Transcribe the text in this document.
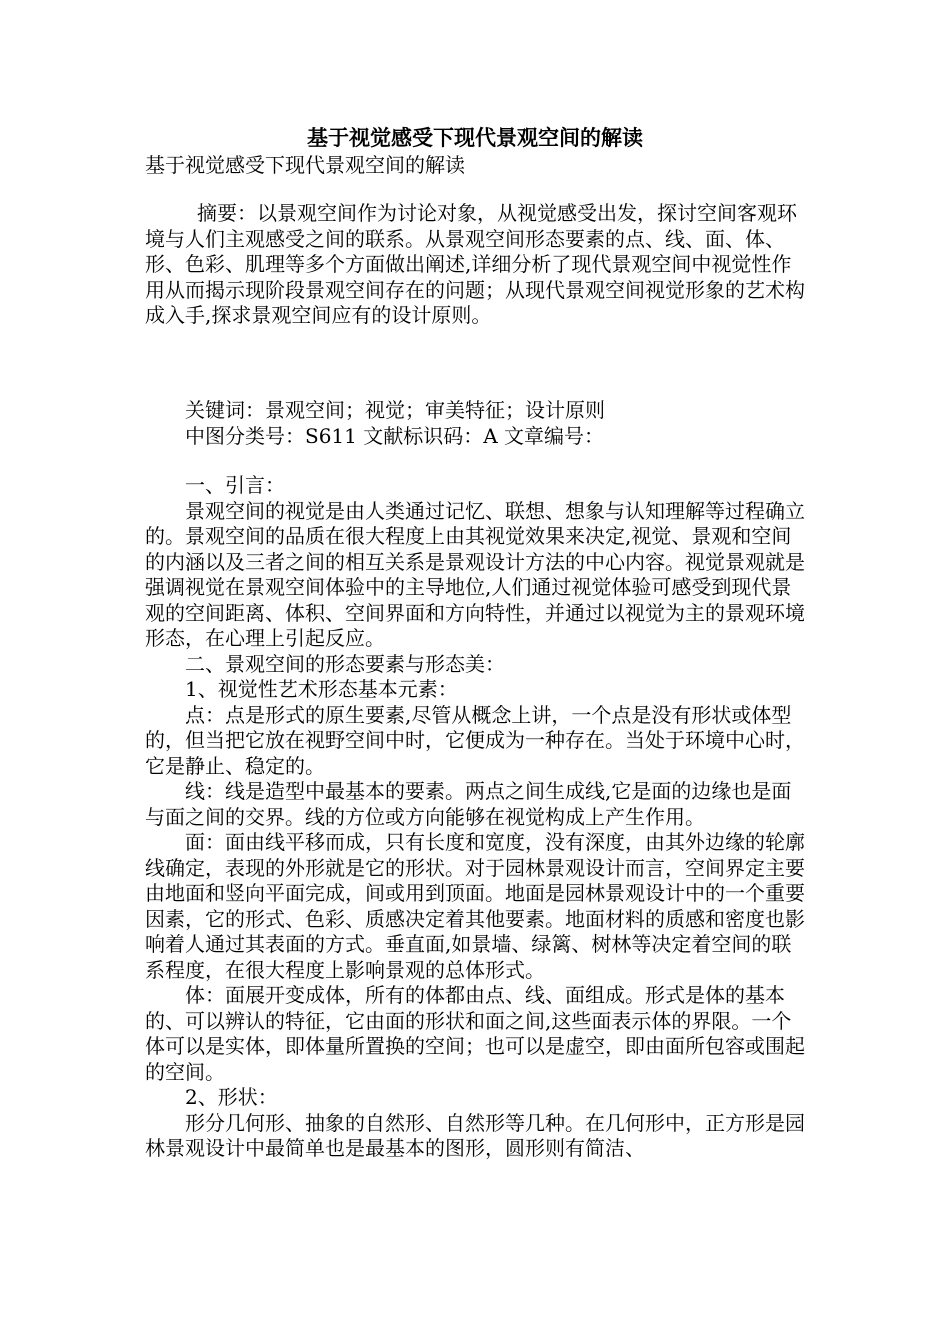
基于视觉感受下现代景观空间的解读
基于视觉感受下现代景观空间的解读

摘要：以景观空间作为讨论对象，从视觉感受出发，探讨空间客观环境与人们主观感受之间的联系。从景观空间形态要素的点、线、面、体、形、色彩、肌理等多个方面做出阐述,详细分析了现代景观空间中视觉性作用从而揭示现阶段景观空间存在的问题；从现代景观空间视觉形象的艺术构成入手,探求景观空间应有的设计原则。

关键词：景观空间；视觉；审美特征；设计原则

中图分类号：S611 文献标识码：A 文章编号：

一、引言：

景观空间的视觉是由人类通过记忆、联想、想象与认知理解等过程确立的。景观空间的品质在很大程度上由其视觉效果来决定,视觉、景观和空间的内涵以及三者之间的相互关系是景观设计方法的中心内容。视觉景观就是强调视觉在景观空间体验中的主导地位,人们通过视觉体验可感受到现代景观的空间距离、体积、空间界面和方向特性，并通过以视觉为主的景观环境形态，在心理上引起反应。

二、景观空间的形态要素与形态美：

1、视觉性艺术形态基本元素：

点：点是形式的原生要素,尽管从概念上讲，一个点是没有形状或体型的，但当把它放在视野空间中时，它便成为一种存在。当处于环境中心时， 它是静止、稳定的。

线：线是造型中最基本的要素。两点之间生成线,它是面的边缘也是面与面之间的交界。线的方位或方向能够在视觉构成上产生作用。

面：面由线平移而成，只有长度和宽度，没有深度，由其外边缘的轮廓线确定，表现的外形就是它的形状。对于园林景观设计而言，空间界定主要由地面和竖向平面完成，间或用到顶面。地面是园林景观设计中的一个重要因素，它的形式、色彩、质感决定着其他要素。地面材料的质感和密度也影响着人通过其表面的方式。垂直面,如景墙、绿篱、树林等决定着空间的联系程度，在很大程度上影响景观的总体形式。

体：面展开变成体，所有的体都由点、线、面组成。形式是体的基本的、可以辨认的特征，它由面的形状和面之间,这些面表示体的界限。一个体可以是实体，即体量所置换的空间；也可以是虚空，即由面所包容或围起的空间。

2、形状：

形分几何形、抽象的自然形、自然形等几种。在几何形中，正方形是园林景观设计中最简单也是最基本的图形，圆形则有简洁、
